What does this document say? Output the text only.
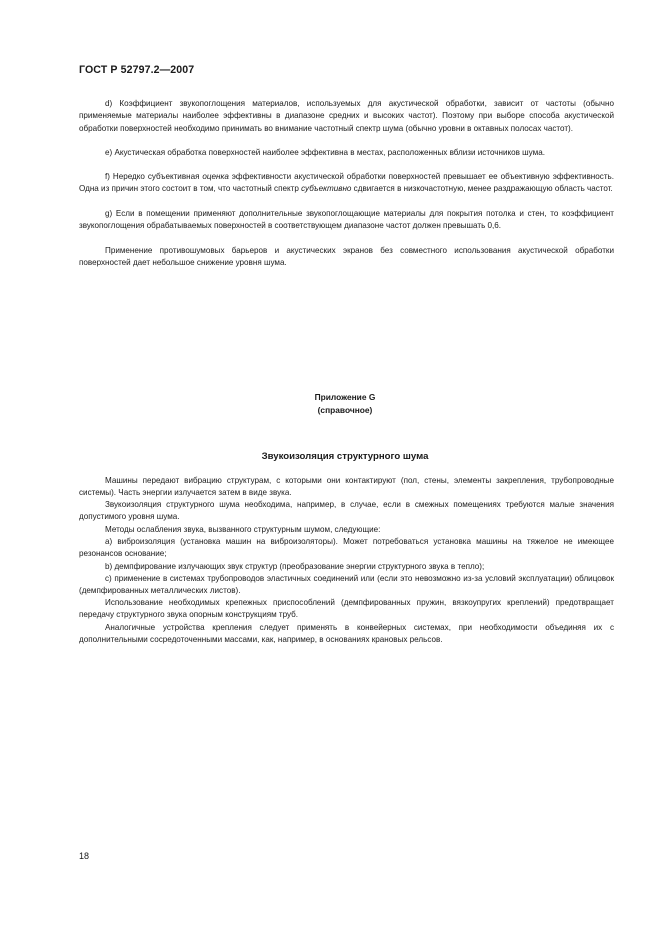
ГОСТ Р 52797.2—2007

d) Коэффициент звукопоглощения материалов, используемых для акустической обработки, зависит от частоты (обычно применяемые материалы наиболее эффективны в диапазоне средних и высоких частот). Поэтому при выборе способа акустической обработки поверхностей необходимо принимать во внимание частотный спектр шума (обычно уровни в октавных полосах частот).

e) Акустическая обработка поверхностей наиболее эффективна в местах, расположенных вблизи источников шума.

f) Нередко субъективная оценка эффективности акустической обработки поверхностей превышает ее объективную эффективность. Одна из причин этого состоит в том, что частотный спектр субъективно сдвигается в низкочастотную, менее раздражающую область частот.

g) Если в помещении применяют дополнительные звукопоглощающие материалы для покрытия потолка и стен, то коэффициент звукопоглощения обрабатываемых поверхностей в соответствующем диапазоне частот должен превышать 0,6.

Применение противошумовых барьеров и акустических экранов без совместного использования акустической обработки поверхностей дает небольшое снижение уровня шума.

Приложение G
(справочное)
Звукоизоляция структурного шума

Машины передают вибрацию структурам, с которыми они контактируют (пол, стены, элементы закрепления, трубопроводные системы). Часть энергии излучается затем в виде звука.

Звукоизоляция структурного шума необходима, например, в случае, если в смежных помещениях требуются малые значения допустимого уровня шума.

Методы ослабления звука, вызванного структурным шумом, следующие:

a) виброизоляция (установка машин на виброизоляторы). Может потребоваться установка машины на тяжелое не имеющее резонансов основание;

b) демпфирование излучающих звук структур (преобразование энергии структурного звука в тепло);

c) применение в системах трубопроводов эластичных соединений или (если это невозможно из-за условий эксплуатации) облицовок (демпфированных металлических листов).

Использование необходимых крепежных приспособлений (демпфированных пружин, вязкоупругих креплений) предотвращает передачу структурного звука опорным конструкциям труб.

Аналогичные устройства крепления следует применять в конвейерных системах, при необходимости объединяя их с дополнительными сосредоточенными массами, как, например, в основаниях крановых рельсов.

18
